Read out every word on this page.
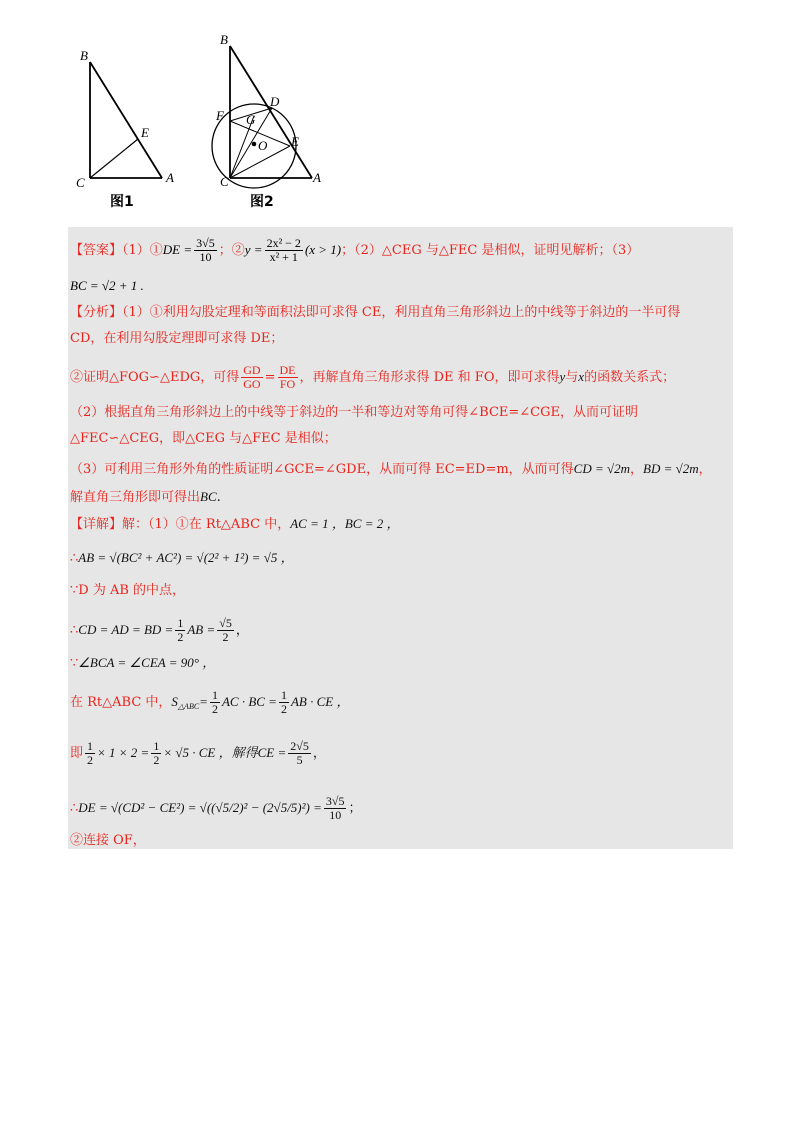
B
E
C	A
图1
B
D
F G
O E
C	A
图2
【答案】（1）①DE = $\frac{3√5}{10}$ ；②y = $\frac{\text{2x² − 2}}{\text{x² + 1}} (x > 1)$；（2）△CEG 与△FEC 是相似，证明见解析；（3）
BC = √2 + 1 .
【分析】（1）①利用勾股定理和等面积法即可求得 CE，利用直角三角形斜边上的中线等于斜边的一半可得
CD，在利用勾股定理即可求得 DE；
②证明△FOG∽△EDG，可得 $\frac{GD}{GO} = \frac{DE}{FO}$ ，再解直角三角形求得 DE 和 FO，即可求得y与x的函数关系式；
（2）根据直角三角形斜边上的中线等于斜边的一半和等边对等角可得∠BCE=∠CGE，从而可证明
△FEC∽△CEG，即△CEG 与△FEC 是相似；
（3）可利用三角形外角的性质证明∠GCE=∠GDE，从而可得 EC=ED=m，从而可得CD = √2m，BD = √2m，
解直角三角形即可得出BC.
【详解】解：（1）①在 Rt△ABC 中，AC = 1 ，BC = 2 ，
∴AB = √(BC² + AC²) = √(2² + 1²) = √5 ，
∵D 为 AB 的中点，
∴CD = AD = BD = $\frac{1}{2}$ AB = $\frac{√5}{2}$ ，
∵∠BCA = ∠CEA = 90° ，
在 Rt△ABC 中，$S_{\triangle ABC}= \frac{1}{2}$ AC · BC = $\frac{1}{2}$ AB · CE ，
即 $\frac{1}{2} \times 1 \times 2 = \frac{1}{2} \times √5$ · CE ，解得CE = $\frac{2√5}{5}$ ，
∴DE = $√(CD^2 - CE^2) = √((√5/2)^2 - (2√5/5)^2) = \frac{3√5}{10}$ ；
②连接 OF，
